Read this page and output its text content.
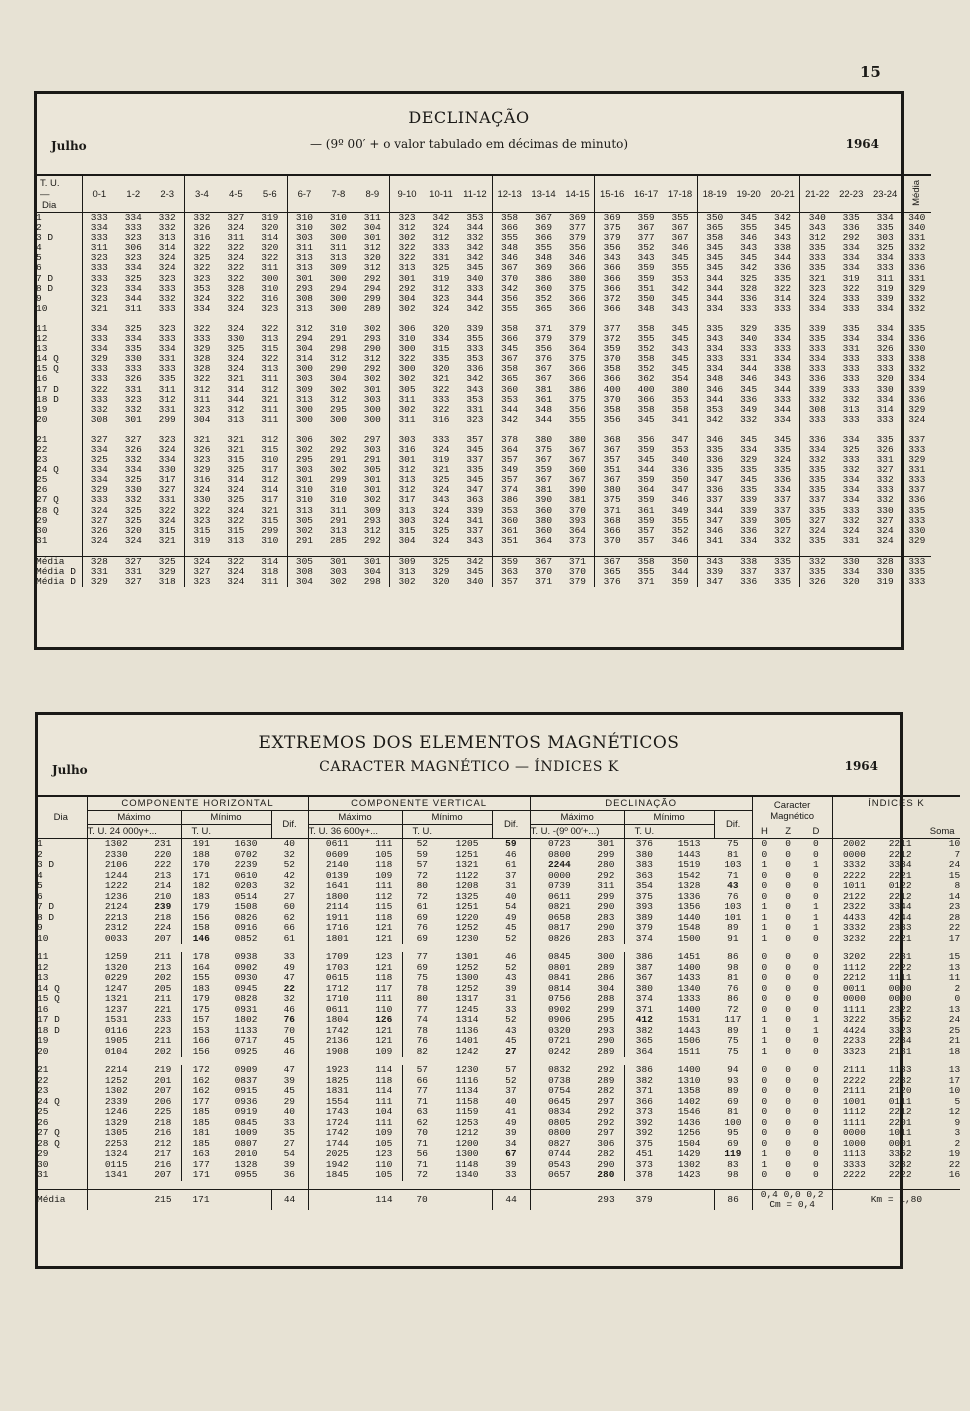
15
DECLINAÇÃO
— (9º 00′ + o valor tabulado em décimas de minuto)
Julho	1964
T. U.
—
Dia	0-1	1-2	2-3	3-4	4-5	5-6	6-7	7-8	8-9	9-10	10-11	11-12	12-13	13-14	14-15	15-16	16-17	17-18	18-19	19-20	20-21	21-22	22-23	23-24	Média
1	333	334	332	332	327	319	310	310	311	323	342	353	358	367	369	369	359	355	350	345	342	340	335	334	340
2	334	333	332	326	324	320	310	302	304	312	324	344	366	369	377	375	367	367	365	355	345	343	336	335	340
3 D	333	323	313	316	311	314	303	300	301	302	312	332	355	366	379	379	377	367	358	346	343	312	292	303	331
4	311	306	314	322	322	320	311	311	312	322	333	342	348	355	356	356	352	346	345	343	338	335	334	325	332
5	323	323	324	325	324	322	313	313	320	322	331	342	346	348	346	343	343	345	345	345	344	333	334	334	333
6	333	334	324	322	322	311	313	309	312	313	325	345	367	369	366	366	359	355	345	342	336	335	334	333	336
7 D	333	325	323	323	322	300	301	300	292	301	319	340	370	386	380	366	359	353	344	325	335	321	319	311	331
8 D	323	334	333	353	328	310	293	294	294	292	312	333	342	360	375	366	351	342	344	328	322	323	322	319	329
9	323	344	332	324	322	316	308	300	299	304	323	344	356	352	366	372	350	345	344	336	314	324	333	339	332
10	321	311	333	334	324	323	313	300	289	302	324	342	355	365	366	366	348	343	334	333	333	334	333	334	332

11	334	325	323	322	324	322	312	310	302	306	320	339	358	371	379	377	358	345	335	329	335	339	335	334	335
12	333	334	333	333	330	313	294	291	293	310	334	355	366	379	379	372	355	345	343	340	334	335	334	334	336
13	334	335	334	329	325	315	304	298	290	300	315	333	345	356	364	359	352	343	334	333	333	333	331	326	330
14 Q	329	330	331	328	324	322	314	312	312	322	335	353	367	376	375	370	358	345	333	331	334	334	333	333	338
15 Q	333	333	333	328	324	313	300	290	292	300	320	336	358	367	366	358	352	345	334	344	338	333	333	333	332
16	333	326	335	322	321	311	303	304	302	302	321	342	365	367	366	366	362	354	348	346	343	336	333	320	334
17 D	322	331	311	312	314	312	309	302	301	305	322	343	360	381	386	400	400	380	346	345	344	339	333	330	339
18 D	333	323	312	311	344	321	313	312	303	311	333	353	353	361	375	370	366	353	344	336	333	332	332	334	336
19	332	332	331	323	312	311	300	295	300	302	322	331	344	348	356	358	358	358	353	349	344	308	313	314	329
20	308	301	299	304	313	311	300	300	300	311	316	323	342	344	355	356	345	341	342	332	334	333	333	333	324

21	327	327	323	321	321	312	306	302	297	303	333	357	378	380	380	368	356	347	346	345	345	336	334	335	337
22	334	326	324	326	321	315	302	292	303	316	324	345	364	375	367	367	359	353	335	334	335	334	325	326	333
23	325	332	334	323	315	310	295	291	291	301	319	337	357	367	367	357	345	340	336	329	324	332	333	331	329
24 Q	334	334	330	329	325	317	303	302	305	312	321	335	349	359	360	351	344	336	335	335	335	335	332	327	331
25	334	325	317	316	314	312	301	299	301	313	325	345	357	367	367	367	359	350	347	345	336	335	334	332	333
26	329	330	327	324	324	314	310	310	301	312	324	347	374	381	390	380	364	347	336	335	334	335	334	333	337
27 Q	333	332	331	330	325	317	310	310	302	317	343	363	386	390	381	375	359	346	337	339	337	337	334	332	336
28 Q	324	325	322	322	324	321	313	311	309	313	324	339	353	360	370	371	361	349	344	339	337	335	333	330	335
29	327	325	324	323	322	315	305	291	293	303	324	341	360	380	393	368	359	355	347	339	305	327	332	327	333
30	326	320	315	315	315	299	302	313	312	315	325	337	361	360	364	366	357	352	346	336	327	324	324	324	330
31	324	324	321	319	313	310	291	285	292	304	324	343	351	364	373	370	357	346	341	334	332	335	331	324	329

Média	328	327	325	324	322	314	305	301	301	309	325	342	359	367	371	367	358	350	343	338	335	332	330	328	333
Média D	331	331	329	327	324	318	308	303	304	313	329	345	363	370	370	365	355	344	339	337	337	335	334	330	335
Média D	329	327	318	323	324	311	304	302	298	302	320	340	357	371	379	376	371	359	347	336	335	326	320	319	333
EXTREMOS DOS ELEMENTOS MAGNÉTICOS
CARACTER MAGNÉTICO — ÍNDICES K
Julho	1964
Dia	COMPONENTE HORIZONTAL					COMPONENTE VERTICAL					DECLINAÇÃO					Caracter Magnético			ÍNDICES K		
	Máximo		Mínimo		Dif.	Máximo		Mínimo		Dif.	Máximo		Mínimo		Dif.						
	T. U. 24 000γ+...		T. U.			T. U. 36 600γ+...		T. U.			T. U. -(9º 00′+...)		T. U.			H	Z	D			Soma
1	1302	231	191	1630	40	0611	111	52	1205	59	0723	301	376	1513	75	0	0	0	2002	2211	10
2	2330	220	188	0702	32	0609	105	59	1251	46	0800	299	380	1443	81	0	0	0	0000	2212	7
3 D	2106	222	170	2239	52	2140	118	57	1321	61	2244	280	383	1519	103	1	0	1	3332	3334	24
4	1244	213	171	0610	42	0139	109	72	1122	37	0000	292	363	1542	71	0	0	0	2222	2221	15
5	1222	214	182	0203	32	1641	111	80	1208	31	0739	311	354	1328	43	0	0	0	1011	0122	8
6	1236	210	183	0514	27	1800	112	72	1325	40	0611	299	375	1336	76	0	0	0	2122	2212	14
7 D	2124	239	179	1508	60	2114	115	61	1251	54	0821	290	393	1356	103	1	0	1	2322	3344	23
8 D	2213	218	156	0826	62	1911	118	69	1220	49	0658	283	389	1440	101	1	0	1	4433	4244	28
9	2312	224	158	0916	66	1716	121	76	1252	45	0817	290	379	1548	89	1	0	1	3332	2333	22
10	0033	207	146	0852	61	1801	121	69	1230	52	0826	283	374	1500	91	1	0	0	3232	2221	17

11	1259	211	178	0938	33	1709	123	77	1301	46	0845	300	386	1451	86	0	0	0	3202	2231	15
12	1320	213	164	0902	49	1703	121	69	1252	52	0801	289	387	1400	98	0	0	0	1112	2222	13
13	0229	202	155	0930	47	0615	118	75	1300	43	0841	286	367	1433	81	0	0	0	2212	1111	11
14 Q	1247	205	183	0945	22	1712	117	78	1252	39	0814	304	380	1340	76	0	0	0	0011	0000	2
15 Q	1321	211	179	0828	32	1710	111	80	1317	31	0756	288	374	1333	86	0	0	0	0000	0000	0
16	1237	221	175	0931	46	0611	110	77	1245	33	0902	299	371	1400	72	0	0	0	1111	2322	13
17 D	1531	233	157	1802	76	1804	126	74	1314	52	0906	295	412	1531	117	1	0	1	3222	3552	24
18 D	0116	223	153	1133	70	1742	121	78	1136	43	0320	293	382	1443	89	1	0	1	4424	3323	25
19	1905	211	166	0717	45	2136	121	76	1401	45	0721	290	365	1506	75	1	0	0	2233	2234	21
20	0104	202	156	0925	46	1908	109	82	1242	27	0242	289	364	1511	75	1	0	0	3323	2131	18

21	2214	219	172	0909	47	1923	114	57	1230	57	0832	292	386	1400	94	0	0	0	2111	1133	13
22	1252	201	162	0837	39	1825	118	66	1116	52	0738	289	382	1310	93	0	0	0	2222	2232	17
23	1302	207	162	0915	45	1831	114	77	1134	37	0754	282	371	1358	89	0	0	0	2111	2120	10
24 Q	2339	206	177	0936	29	1554	111	71	1158	40	0645	297	366	1402	69	0	0	0	1001	0111	5
25	1246	225	185	0919	40	1743	104	63	1159	41	0834	292	373	1546	81	0	0	0	1112	2212	12
26	1329	218	185	0845	33	1724	111	62	1253	49	0805	292	392	1436	100	0	0	0	1111	2201	9
27 Q	1305	216	181	1009	35	1742	109	70	1212	39	0800	297	392	1256	95	0	0	0	0000	1011	3
28 Q	2253	212	185	0807	27	1744	105	71	1200	34	0827	306	375	1504	69	0	0	0	1000	0001	2
29	1324	217	163	2010	54	2025	123	56	1300	67	0744	282	451	1429	119	1	0	0	1113	3352	19
30	0115	216	177	1328	39	1942	110	71	1148	39	0543	290	373	1302	83	1	0	0	3333	3232	22
31	1341	207	171	0955	36	1845	105	72	1340	33	0657	280	378	1423	98	0	0	0	2222	2222	16

Média		215	171		44		114	70		44		293	379		86	0,4 0,0 0,2
Cm = 0,4			Km = 1,80		
